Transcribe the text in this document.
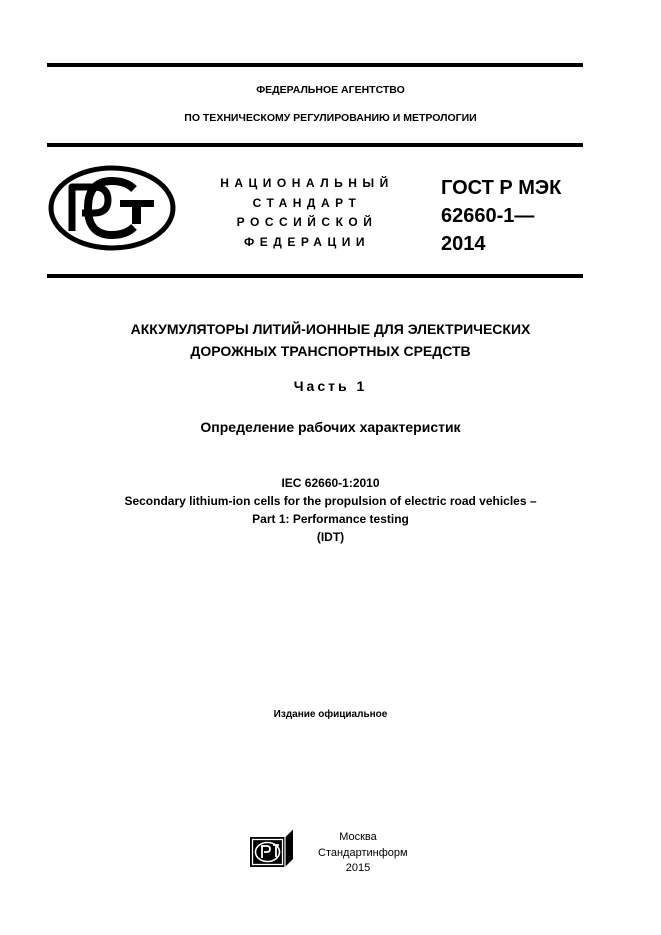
ФЕДЕРАЛЬНОЕ АГЕНТСТВО
ПО ТЕХНИЧЕСКОМУ РЕГУЛИРОВАНИЮ И МЕТРОЛОГИИ
НАЦИОНАЛЬНЫЙ
СТАНДАРТ
РОССИЙСКОЙ
ФЕДЕРАЦИИ
ГОСТ Р МЭК
62660-1—
2014
АККУМУЛЯТОРЫ ЛИТИЙ-ИОННЫЕ ДЛЯ ЭЛЕКТРИЧЕСКИХ
ДОРОЖНЫХ ТРАНСПОРТНЫХ СРЕДСТВ
Часть 1
Определение рабочих характеристик
IEC 62660-1:2010
Secondary lithium-ion cells for the propulsion of electric road vehicles –
Part 1: Performance testing
(IDT)
Издание официальное
Москва
Стандартинформ
2015
